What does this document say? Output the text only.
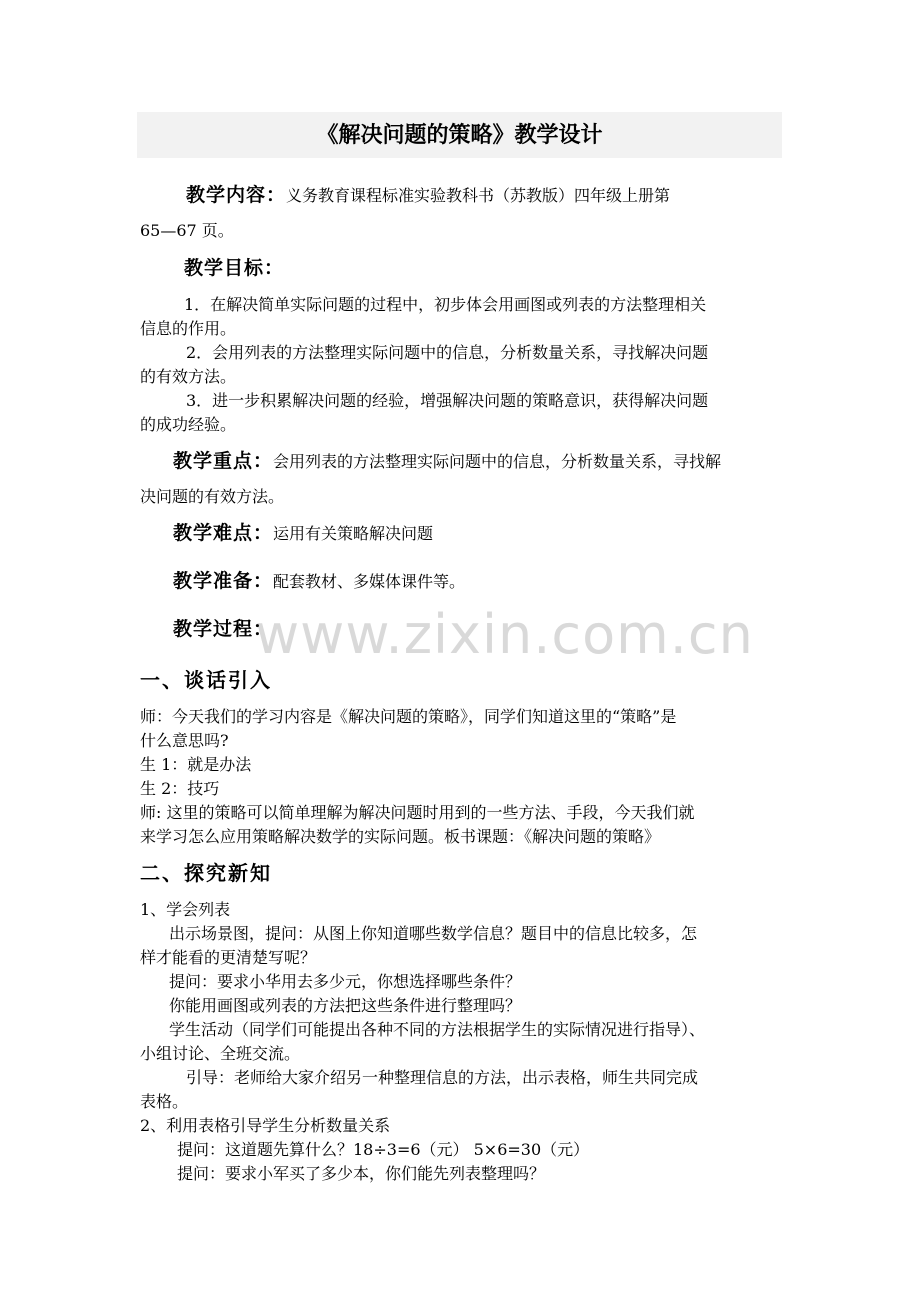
《解决问题的策略》教学设计
教学内容：义务教育课程标准实验教科书（苏教版）四年级上册第
65—67 页。
教学目标：
1．在解决简单实际问题的过程中，初步体会用画图或列表的方法整理相关
信息的作用。
2．会用列表的方法整理实际问题中的信息，分析数量关系，寻找解决问题
的有效方法。
3．进一步积累解决问题的经验，增强解决问题的策略意识，获得解决问题
的成功经验。
教学重点：会用列表的方法整理实际问题中的信息，分析数量关系，寻找解
决问题的有效方法。
教学难点：运用有关策略解决问题
教学准备：配套教材、多媒体课件等。
www.zixin.com.cn
教学过程：
一、谈话引入
师：今天我们的学习内容是《解决问题的策略》，同学们知道这里的“策略”是
什么意思吗?
生 1：就是办法
生 2：技巧
师: 这里的策略可以简单理解为解决问题时用到的一些方法、手段，今天我们就
来学习怎么应用策略解决数学的实际问题。板书课题：《解决问题的策略》
二、探究新知
1、学会列表
出示场景图，提问：从图上你知道哪些数学信息？题目中的信息比较多，怎
样才能看的更清楚写呢？
提问：要求小华用去多少元，你想选择哪些条件？
你能用画图或列表的方法把这些条件进行整理吗？
学生活动（同学们可能提出各种不同的方法根据学生的实际情况进行指导）、
小组讨论、全班交流。
引导：老师给大家介绍另一种整理信息的方法，出示表格，师生共同完成
表格。
2、利用表格引导学生分析数量关系
提问：这道题先算什么？18÷3=6（元） 5×6=30（元）
提问：要求小军买了多少本，你们能先列表整理吗？
